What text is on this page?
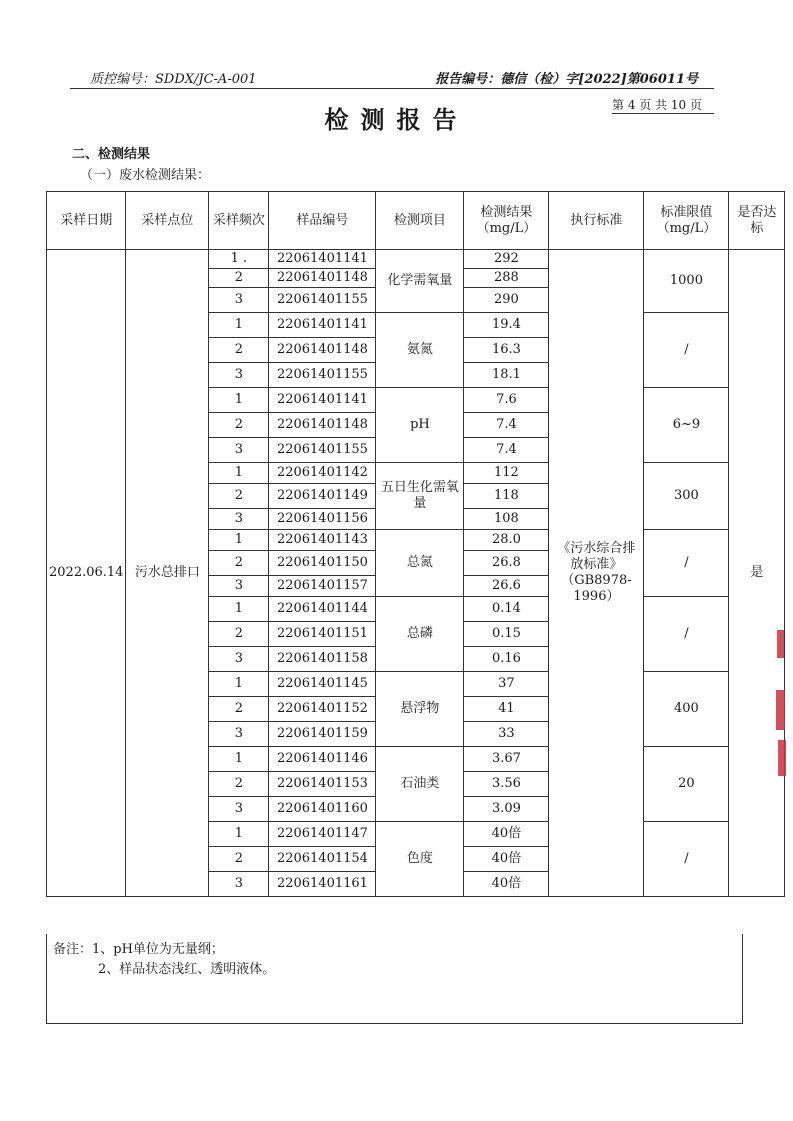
质控编号：SDDX/JC-A-001	报告编号：德信（检）字[2022]第06011号
检测报告	第 4 页 共 10 页
二、检测结果
（一）废水检测结果：
采样日期	采样点位	采样频次	样品编号	检测项目	检测结果（mg/L）	执行标准	标准限值（mg/L）	是否达标
2022.06.14	污水总排口	1 .	22061401141	化学需氧量	292	《污水综合排放标准》（GB8978-1996）	1000	是
		2	22061401148		288			
		3	22061401155		290			
		1	22061401141	氨氮	19.4		/	
		2	22061401148		16.3			
		3	22061401155		18.1			
		1	22061401141	pH	7.6		6~9	
		2	22061401148		7.4			
		3	22061401155		7.4			
		1	22061401142	五日生化需氧量	112		300	
		2	22061401149		118			
		3	22061401156		108			
		1	22061401143	总氮	28.0		/	
		2	22061401150		26.8			
		3	22061401157		26.6			
		1	22061401144	总磷	0.14		/	
		2	22061401151		0.15			
		3	22061401158		0.16			
		1	22061401145	悬浮物	37		400	
		2	22061401152		41			
		3	22061401159		33			
		1	22061401146	石油类	3.67		20	
		2	22061401153		3.56			
		3	22061401160		3.09			
		1	22061401147	色度	40倍		/	
		2	22061401154		40倍			
		3	22061401161		40倍			
备注：1、pH单位为无量纲；
2、样品状态浅红、透明液体。
